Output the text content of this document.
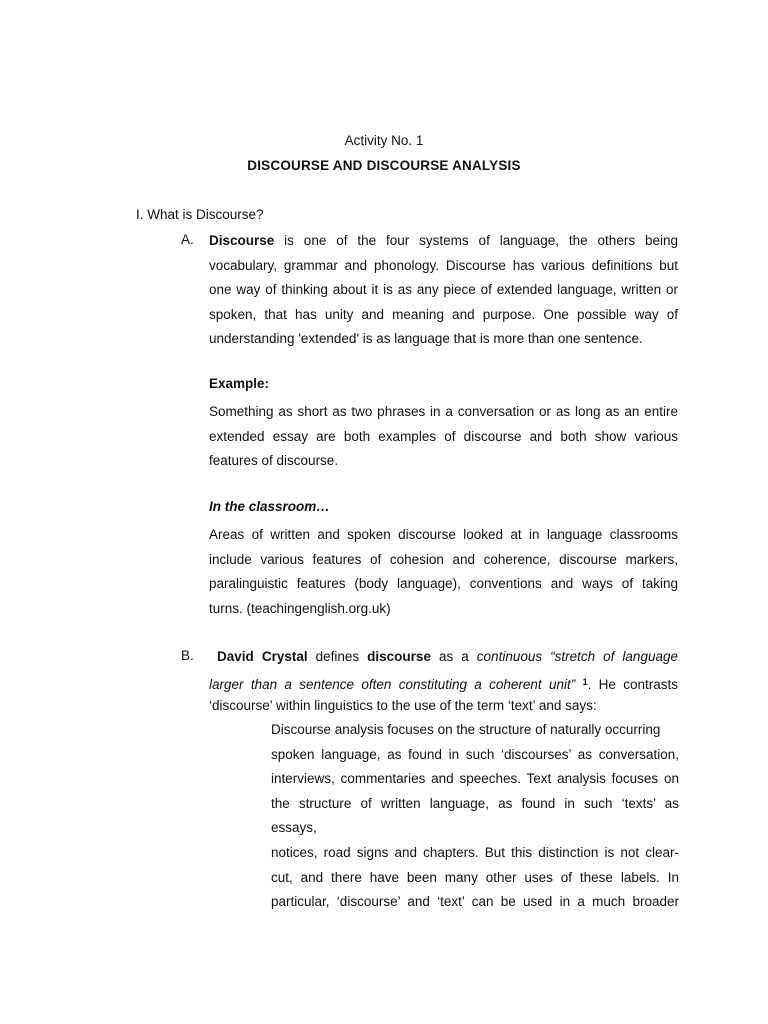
Activity No. 1
DISCOURSE AND DISCOURSE ANALYSIS
I. What is Discourse?
A. Discourse is one of the four systems of language, the others being
vocabulary, grammar and phonology. Discourse has various definitions but
one way of thinking about it is as any piece of extended language, written or
spoken, that has unity and meaning and purpose. One possible way of
understanding 'extended' is as language that is more than one sentence.
Example:
Something as short as two phrases in a conversation or as long as an entire
extended essay are both examples of discourse and both show various
features of discourse.
In the classroom…
Areas of written and spoken discourse looked at in language classrooms
include various features of cohesion and coherence, discourse markers,
paralinguistic features (body language), conventions and ways of taking
turns. (teachingenglish.org.uk)
B.	David Crystal defines discourse as a continuous “stretch of language
larger than a sentence often constituting a coherent unit” $^1$. He contrasts
‘discourse’ within linguistics to the use of the term ‘text’ and says:
Discourse analysis focuses on the structure of naturally occurring
spoken language, as found in such ‘discourses’ as conversation,
interviews, commentaries and speeches. Text analysis focuses on
the structure of written language, as found in such ‘texts’ as
essays,
notices, road signs and chapters. But this distinction is not clear-
cut, and there have been many other uses of these labels. In
particular, ‘discourse’ and ‘text’ can be used in a much broader
